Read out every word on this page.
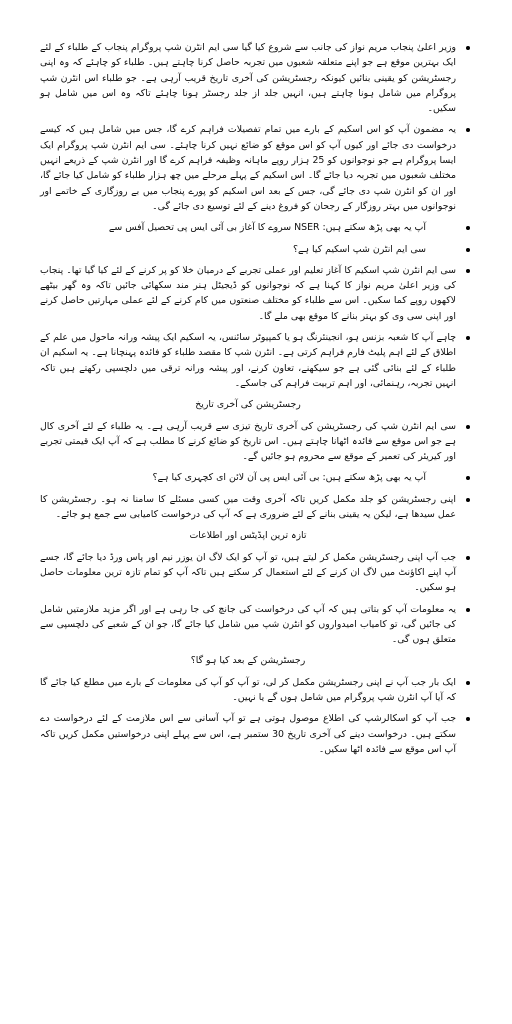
وزیر اعلیٰ پنجاب مریم نواز کی جانب سے شروع کیا گیا سی ایم انٹرن شپ پروگرام پنجاب کے طلباء کے لئے ایک بہترین موقع ہے جو اپنے متعلقہ شعبوں میں تجربہ حاصل کرنا چاہتے ہیں۔ طلباء کو چاہئے کہ وہ اپنی رجسٹریشن کو یقینی بنائیں کیونکہ رجسٹریشن کی آخری تاریخ قریب آرہی ہے۔ جو طلباء اس انٹرن شپ پروگرام میں شامل ہونا چاہتے ہیں، انہیں جلد از جلد رجسٹر ہونا چاہئے تاکہ وہ اس میں شامل ہو سکیں۔
یہ مضمون آپ کو اس اسکیم کے بارے میں تمام تفصیلات فراہم کرے گا، جس میں شامل ہیں کہ کیسے درخواست دی جائے اور کیوں آپ کو اس موقع کو ضائع نہیں کرنا چاہئے۔ سی ایم انٹرن شپ پروگرام ایک ایسا پروگرام ہے جو نوجوانوں کو 25 ہزار روپے ماہانہ وظیفہ فراہم کرے گا اور انٹرن شپ کے ذریعے انہیں مختلف شعبوں میں تجربہ دیا جائے گا۔ اس اسکیم کے پہلے مرحلے میں چھ ہزار طلباء کو شامل کیا جائے گا، اور ان کو انٹرن شپ دی جائے گی، جس کے بعد اس اسکیم کو پورے پنجاب میں بے روزگاری کے خاتمے اور نوجوانوں میں بہتر روزگار کے رجحان کو فروغ دینے کے لئے توسیع دی جائے گی۔
آپ یہ بھی پڑھ سکتے ہیں: NSER سروے کا آغاز بی آئی ایس پی تحصیل آفس سے
سی ایم انٹرن شپ اسکیم کیا ہے؟
سی ایم انٹرن شپ اسکیم کا آغاز تعلیم اور عملی تجربے کے درمیان خلا کو پر کرنے کے لئے کیا گیا تھا۔ پنجاب کی وزیر اعلیٰ مریم نواز کا کہنا ہے کہ نوجوانوں کو ڈیجیٹل ہنر مند سکھائی جائیں تاکہ وہ گھر بیٹھے لاکھوں روپے کما سکیں۔ اس سے طلباء کو مختلف صنعتوں میں کام کرنے کے لئے عملی مہارتیں حاصل کرنے اور اپنی سی وی کو بہتر بنانے کا موقع بھی ملے گا۔
چاہے آپ کا شعبہ بزنس ہو، انجینئرنگ ہو یا کمپیوٹر سائنس، یہ اسکیم ایک پیشہ ورانہ ماحول میں علم کے اطلاق کے لئے اہم پلیٹ فارم فراہم کرتی ہے۔ انٹرن شپ کا مقصد طلباء کو فائدہ پہنچانا ہے۔ یہ اسکیم ان طلباء کے لئے بنائی گئی ہے جو سیکھنے، تعاون کرنے، اور پیشہ ورانہ ترقی میں دلچسپی رکھتے ہیں تاکہ انہیں تجربہ، رہنمائی، اور اہم تربیت فراہم کی جاسکے۔
رجسٹریشن کی آخری تاریخ
سی ایم انٹرن شپ کی رجسٹریشن کی آخری تاریخ تیزی سے قریب آرہی ہے۔ یہ طلباء کے لئے آخری کال ہے جو اس موقع سے فائدہ اٹھانا چاہتے ہیں۔ اس تاریخ کو ضائع کرنے کا مطلب ہے کہ آپ ایک قیمتی تجربے اور کیریئر کی تعمیر کے موقع سے محروم ہو جائیں گے۔
آپ یہ بھی پڑھ سکتے ہیں: بی آئی ایس پی آن لائن ای کچہری کیا ہے؟
اپنی رجسٹریشن کو جلد مکمل کریں تاکہ آخری وقت میں کسی مسئلے کا سامنا نہ ہو۔ رجسٹریشن کا عمل سیدھا ہے، لیکن یہ یقینی بنانے کے لئے ضروری ہے کہ آپ کی درخواست کامیابی سے جمع ہو جائے۔
تازہ ترین اپڈیٹس اور اطلاعات
جب آپ اپنی رجسٹریشن مکمل کر لیتے ہیں، تو آپ کو ایک لاگ ان یوزر نیم اور پاس ورڈ دیا جائے گا، جسے آپ اپنے اکاؤنٹ میں لاگ ان کرنے کے لئے استعمال کر سکتے ہیں تاکہ آپ کو تمام تازہ ترین معلومات حاصل ہو سکیں۔
یہ معلومات آپ کو بتاتی ہیں کہ آپ کی درخواست کی جانچ کی جا رہی ہے اور اگر مزید ملازمتیں شامل کی جائیں گی، تو کامیاب امیدواروں کو انٹرن شپ میں شامل کیا جائے گا، جو ان کے شعبے کی دلچسپی سے متعلق ہوں گی۔
رجسٹریشن کے بعد کیا ہو گا؟
ایک بار جب آپ نے اپنی رجسٹریشن مکمل کر لی، تو آپ کو آپ کی معلومات کے بارے میں مطلع کیا جائے گا کہ آیا آپ انٹرن شپ پروگرام میں شامل ہوں گے یا نہیں۔
جب آپ کو اسکالرشپ کی اطلاع موصول ہوتی ہے تو آپ آسانی سے اس ملازمت کے لئے درخواست دے سکتے ہیں۔ درخواست دینے کی آخری تاریخ 30 ستمبر ہے، اس سے پہلے اپنی درخواستیں مکمل کریں تاکہ آپ اس موقع سے فائدہ اٹھا سکیں۔
